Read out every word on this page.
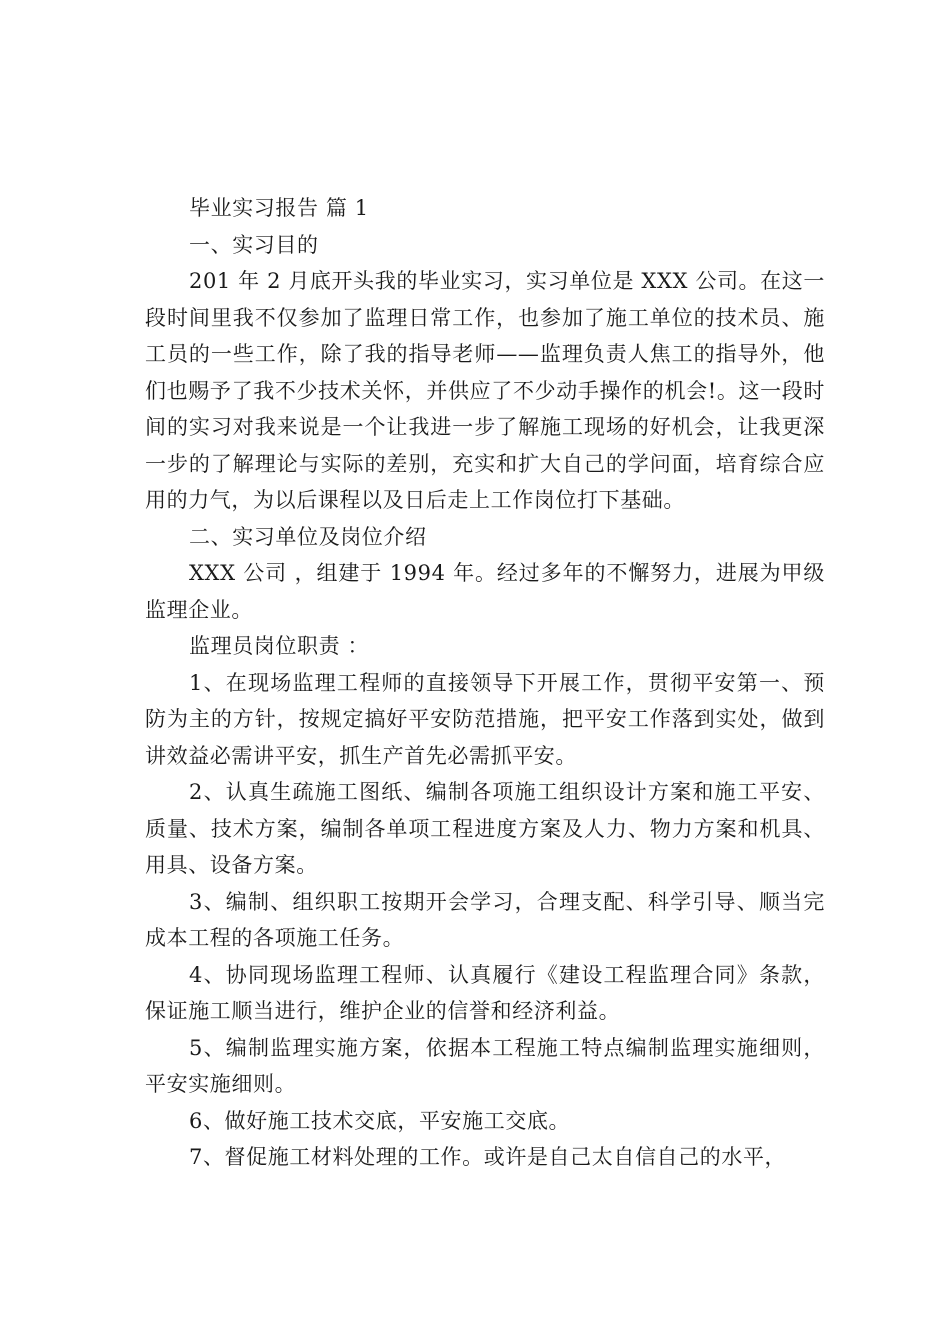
毕业实习报告 篇 1

一、实习目的

201 年 2 月底开头我的毕业实习，实习单位是 XXX 公司。在这一段时间里我不仅参加了监理日常工作，也参加了施工单位的技术员、施工员的一些工作，除了我的指导老师——监理负责人焦工的指导外，他们也赐予了我不少技术关怀，并供应了不少动手操作的机会!。这一段时间的实习对我来说是一个让我进一步了解施工现场的好机会，让我更深一步的了解理论与实际的差别，充实和扩大自己的学问面，培育综合应用的力气，为以后课程以及日后走上工作岗位打下基础。

二、实习单位及岗位介绍

XXX 公司 ，组建于 1994 年。经过多年的不懈努力，进展为甲级监理企业。

监理员岗位职责 ：

1、在现场监理工程师的直接领导下开展工作，贯彻平安第一、预防为主的方针，按规定搞好平安防范措施，把平安工作落到实处，做到讲效益必需讲平安，抓生产首先必需抓平安。

2、认真生疏施工图纸、编制各项施工组织设计方案和施工平安、质量、技术方案，编制各单项工程进度方案及人力、物力方案和机具、用具、设备方案。

3、编制、组织职工按期开会学习，合理支配、科学引导、顺当完成本工程的各项施工任务。

4、协同现场监理工程师、认真履行《建设工程监理合同》条款，保证施工顺当进行，维护企业的信誉和经济利益。

5、编制监理实施方案，依据本工程施工特点编制监理实施细则，平安实施细则。

6、做好施工技术交底，平安施工交底。

7、督促施工材料处理的工作。或许是自己太自信自己的水平，
